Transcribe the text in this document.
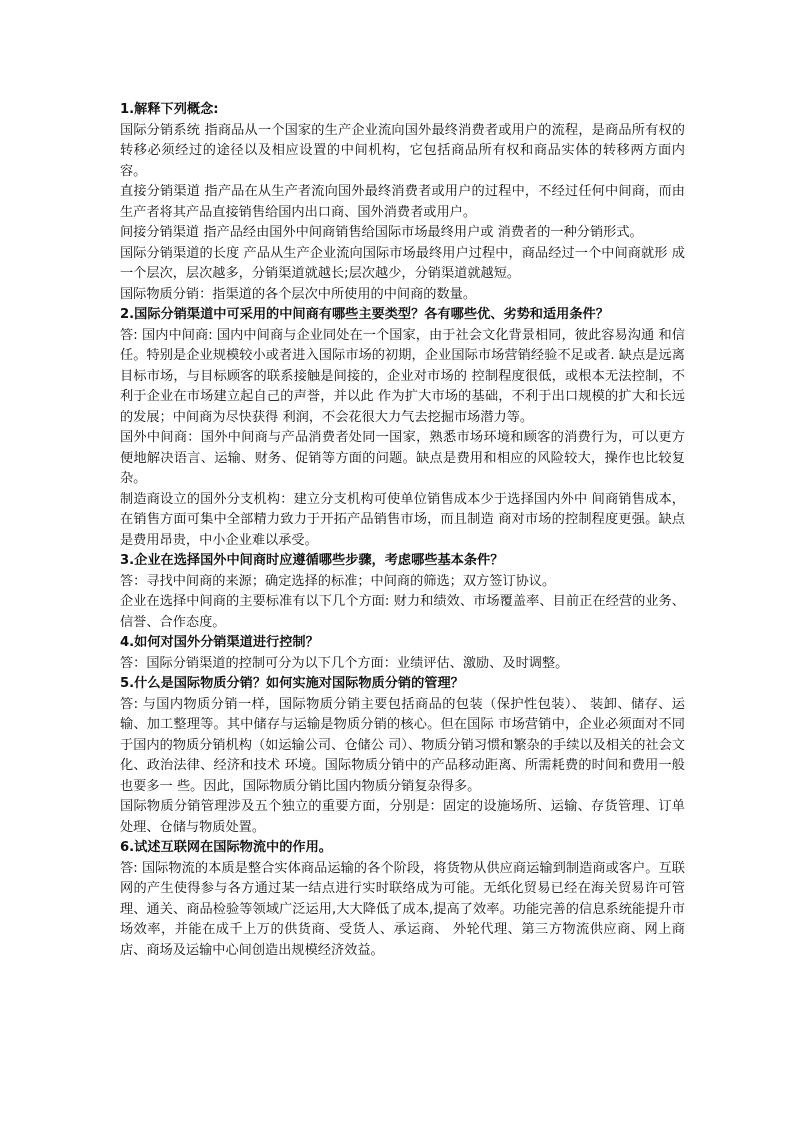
1.解释下列概念:
国际分销系统 指商品从一个国家的生产企业流向国外最终消费者或用户的流程，是商品所有权的转移必须经过的途径以及相应设置的中间机构，它包括商品所有权和商品实体的转移两方面内容。
直接分销渠道 指产品在从生产者流向国外最终消费者或用户的过程中，不经过任何中间商，而由 生产者将其产品直接销售给国内出口商、国外消费者或用户。
间接分销渠道 指产品经由国外中间商销售给国际市场最终用户或 消费者的一种分销形式。
国际分销渠道的长度 产品从生产企业流向国际市场最终用户过程中，商品经过一个中间商就形 成一个层次，层次越多，分销渠道就越长;层次越少，分销渠道就越短。
国际物质分销：指渠道的各个层次中所使用的中间商的数量。
2.国际分销渠道中可采用的中间商有哪些主要类型？各有哪些优、劣势和适用条件？
答: 国内中间商: 国内中间商与企业同处在一个国家，由于社会文化背景相同，彼此容易沟通 和信任。特别是企业规模较小或者进入国际市场的初期，企业国际市场营销经验不足或者. 缺点是远离目标市场，与目标顾客的联系接触是间接的，企业对市场的 控制程度很低，或根本无法控制，不利于企业在市场建立起自己的声誉，并以此 作为扩大市场的基础，不利于出口规模的扩大和长远的发展；中间商为尽快获得 利润，不会花很大力气去挖掘市场潜力等。
国外中间商：国外中间商与产品消费者处同一国家，熟悉市场环境和顾客的消费行为，可以更方便地解决语言、运输、财务、促销等方面的问题。缺点是费用和相应的风险较大，操作也比较复杂。
制造商设立的国外分支机构：建立分支机构可使单位销售成本少于选择国内外中 间商销售成本，在销售方面可集中全部精力致力于开拓产品销售市场，而且制造 商对市场的控制程度更强。缺点是费用昂贵，中小企业难以承受。
3.企业在选择国外中间商时应遵循哪些步骤，考虑哪些基本条件？
答：寻找中间商的来源；确定选择的标准；中间商的筛选；双方签订协议。
企业在选择中间商的主要标准有以下几个方面: 财力和绩效、市场覆盖率、目前正在经营的业务、信誉、合作态度。
4.如何对国外分销渠道进行控制？
答：国际分销渠道的控制可分为以下几个方面：业绩评估、激励、及时调整。
5.什么是国际物质分销？如何实施对国际物质分销的管理？
答: 与国内物质分销一样，国际物质分销主要包括商品的包装（保护性包装）、 装卸、储存、运输、加工整理等。其中储存与运输是物质分销的核心。但在国际 市场营销中，企业必须面对不同于国内的物质分销机构（如运输公司、仓储公 司）、物质分销习惯和繁杂的手续以及相关的社会文化、政治法律、经济和技术 环境。国际物质分销中的产品移动距离、所需耗费的时间和费用一般也要多一 些。因此，国际物质分销比国内物质分销复杂得多。
国际物质分销管理涉及五个独立的重要方面，分别是：固定的设施场所、运输、存货管理、订单处理、仓储与物质处置。
6.试述互联网在国际物流中的作用。
答: 国际物流的本质是整合实体商品运输的各个阶段，将货物从供应商运输到制造商或客户。互联网的产生使得参与各方通过某一结点进行实时联络成为可能。无纸化贸易已经在海关贸易许可管理、通关、商品检验等领域广泛运用,大大降低了成本,提高了效率。功能完善的信息系统能提升市场效率，并能在成千上万的供货商、受货人、承运商、 外轮代理、第三方物流供应商、网上商店、商场及运输中心间创造出规模经济效益。
